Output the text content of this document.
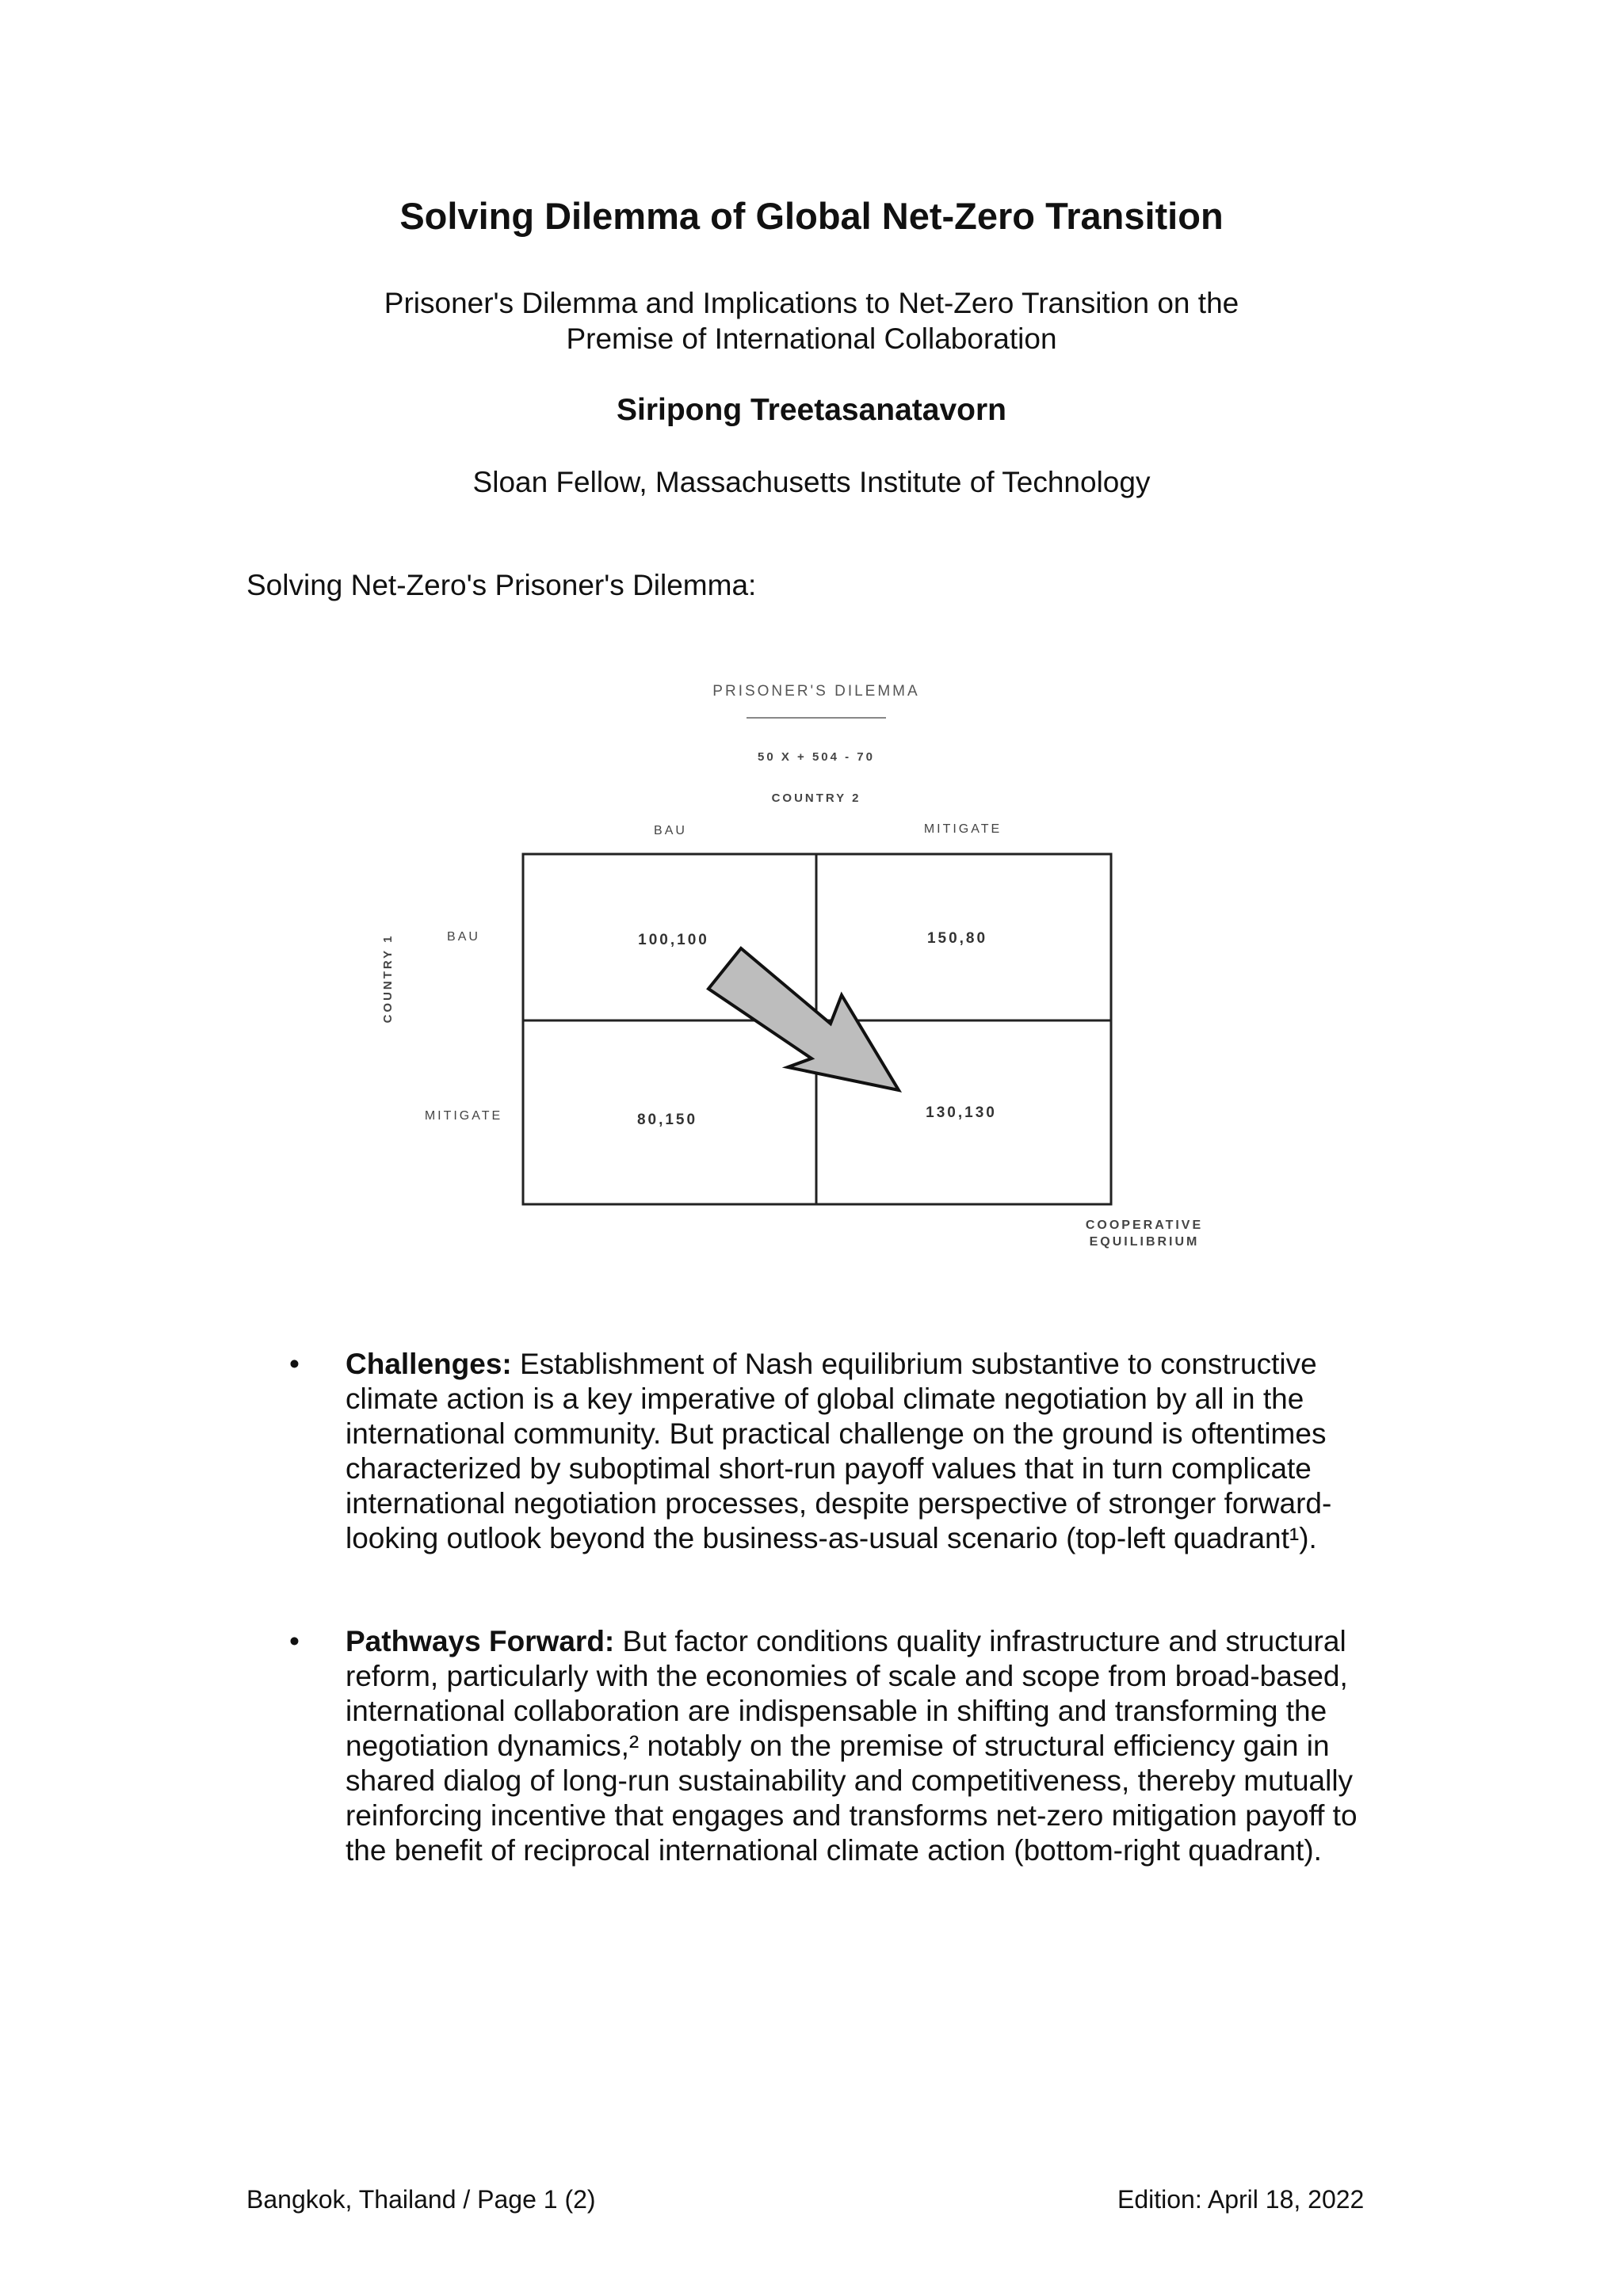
Solving Dilemma of Global Net-Zero Transition
Prisoner's Dilemma and Implications to Net-Zero Transition on the
Premise of International Collaboration
Siripong Treetasanatavorn
Sloan Fellow, Massachusetts Institute of Technology
Solving Net-Zero's Prisoner's Dilemma:
PRISONER'S DILEMMA
50 X + 504 - 70
COUNTRY 2
BAU	MITIGATE
COUNTRY 1	BAU
MITIGATE
100,100	150,80
80,150	130,130
COOPERATIVE
EQUILIBRIUM
• Challenges: Establishment of Nash equilibrium substantive to constructive climate action is a key imperative of global climate negotiation by all in the international community. But practical challenge on the ground is oftentimes characterized by suboptimal short-run payoff values that in turn complicate international negotiation processes, despite perspective of stronger forward-looking outlook beyond the business-as-usual scenario (top-left quadrant¹).
• Pathways Forward: But factor conditions quality infrastructure and structural reform, particularly with the economies of scale and scope from broad-based, international collaboration are indispensable in shifting and transforming the negotiation dynamics,² notably on the premise of structural efficiency gain in shared dialog of long-run sustainability and competitiveness, thereby mutually reinforcing incentive that engages and transforms net-zero mitigation payoff to the benefit of reciprocal international climate action (bottom-right quadrant).
Bangkok, Thailand / Page 1 (2)	Edition: April 18, 2022
